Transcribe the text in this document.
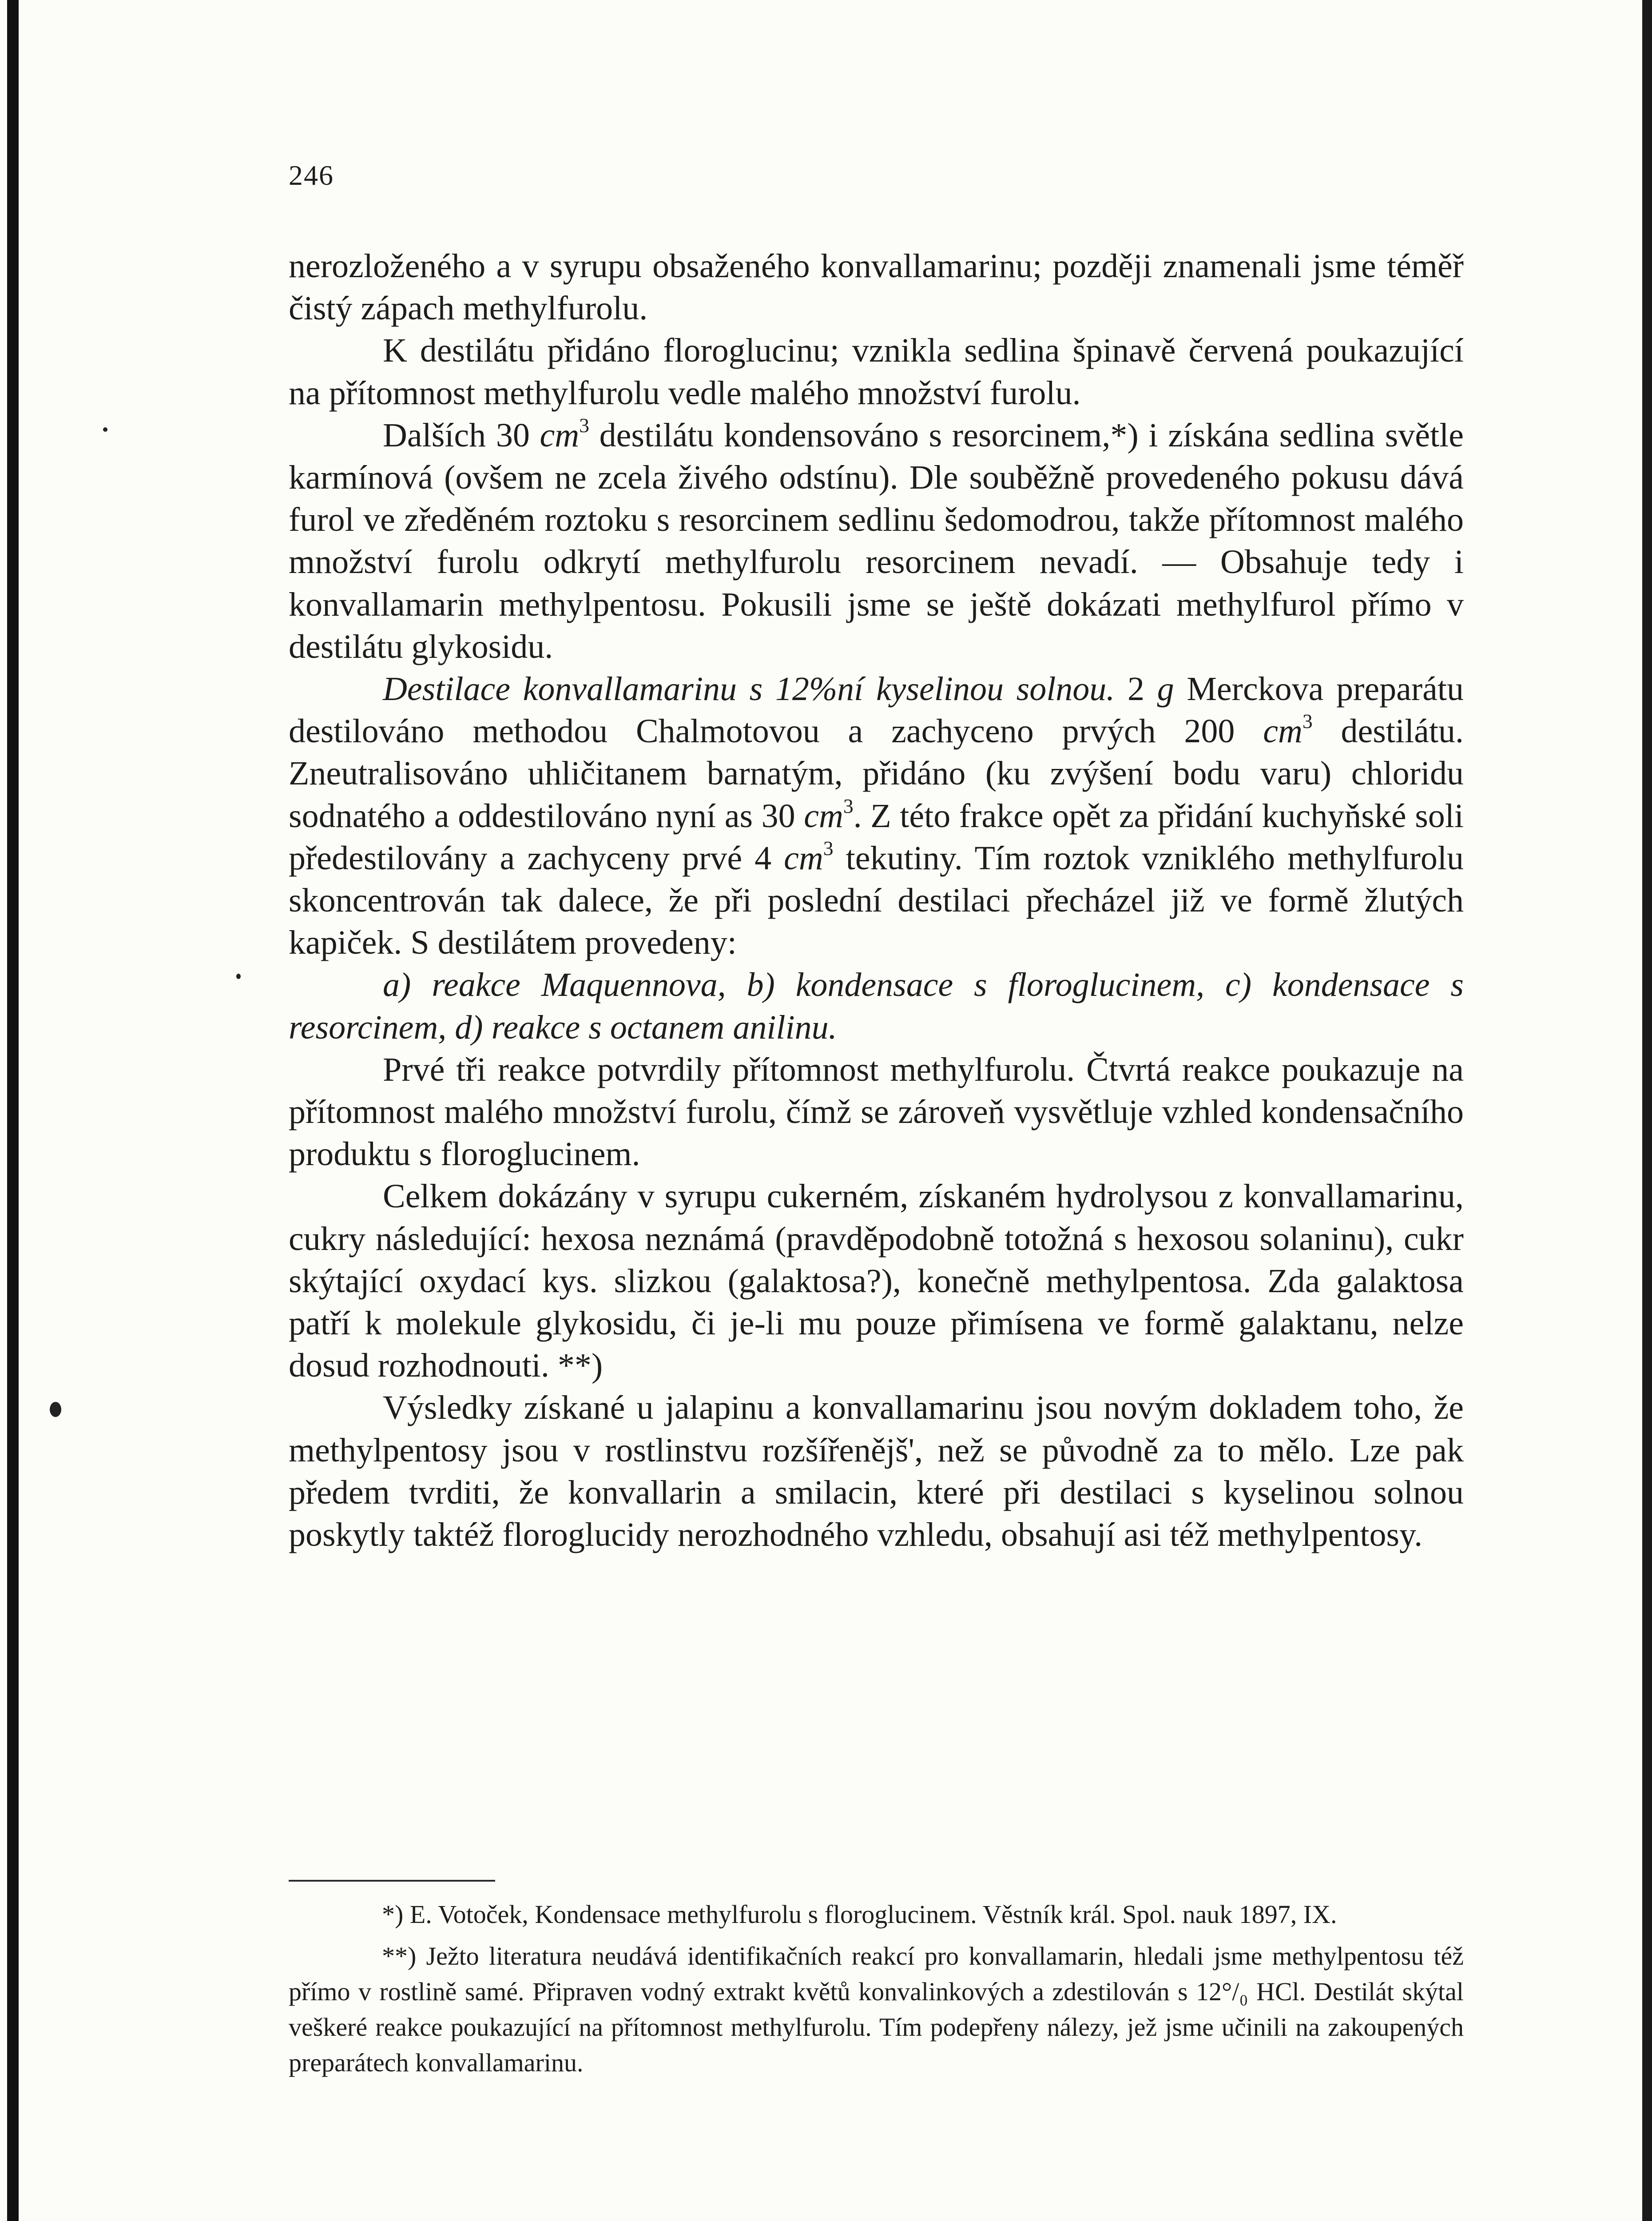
246

nerozloženého a v syrupu obsaženého konvallamarinu; později znamenali jsme téměř čistý zápach methylfurolu.

K destilátu přidáno floroglucinu; vznikla sedlina špinavě červená poukazující na přítomnost methylfurolu vedle malého množství furolu.

Dalších 30 $cm^3$ destilátu kondensováno s resorcinem,*) i získána sedlina světle karmínová (ovšem ne zcela živého odstínu). Dle souběžně provedeného pokusu dává furol ve zředěném roztoku s resorcinem sedlinu šedomodrou, takže přítomnost malého množství furolu odkrytí methylfurolu resorcinem nevadí. — Obsahuje tedy i konvallamarin methylpentosu. Pokusili jsme se ještě dokázati methylfurol přímo v destilátu glykosidu.

Destilace konvallamarinu s 12%ní kyselinou solnou. 2 g Merckova preparátu destilováno methodou Chalmotovou a zachyceno prvých 200 $cm^3$ destilátu. Zneutralisováno uhličitanem barnatým, přidáno (ku zvýšení bodu varu) chloridu sodnatého a oddestilováno nyní as 30 $cm^3$. Z této frakce opět za přidání kuchyňské soli předestilovány a zachyceny prvé 4 $cm^3$ tekutiny. Tím roztok vzniklého methylfurolu skoncentrován tak dalece, že při poslední destilaci přecházel již ve formě žlutých kapiček. S destilátem provedeny:

a) reakce Maquennova, b) kondensace s floroglucinem, c) kondensace s resorcinem, d) reakce s octanem anilinu.

Prvé tři reakce potvrdily přítomnost methylfurolu. Čtvrtá reakce poukazuje na přítomnost malého množství furolu, čímž se zároveň vysvětluje vzhled kondensačního produktu s floroglucinem.

Celkem dokázány v syrupu cukerném, získaném hydrolysou z konvallamarinu, cukry následující: hexosa neznámá (pravděpodobně totožná s hexosou solaninu), cukr skýtající oxydací kys. slizkou (galaktosa?), konečně methylpentosa. Zda galaktosa patří k molekule glykosidu, či je-li mu pouze přimísena ve formě galaktanu, nelze dosud rozhodnouti. **)

Výsledky získané u jalapinu a konvallamarinu jsou novým dokladem toho, že methylpentosy jsou v rostlinstvu rozšířenějš', než se původně za to mělo. Lze pak předem tvrditi, že konvallarin a smilacin, které při destilaci s kyselinou solnou poskytly taktéž floroglucidy nerozhodného vzhledu, obsahují asi též methylpentosy.

*) E. Votoček, Kondensace methylfurolu s floroglucinem. Věstník král. Spol. nauk 1897, IX.

**) Ježto literatura neudává identifikačních reakcí pro konvallamarin, hledali jsme methylpentosu též přímo v rostlině samé. Připraven vodný extrakt květů konvalinkových a zdestilován s 12°/₀ HCl. Destilát skýtal veškeré reakce poukazující na přítomnost methylfurolu. Tím podepřeny nálezy, jež jsme učinili na zakoupených preparátech konvallamarinu.
